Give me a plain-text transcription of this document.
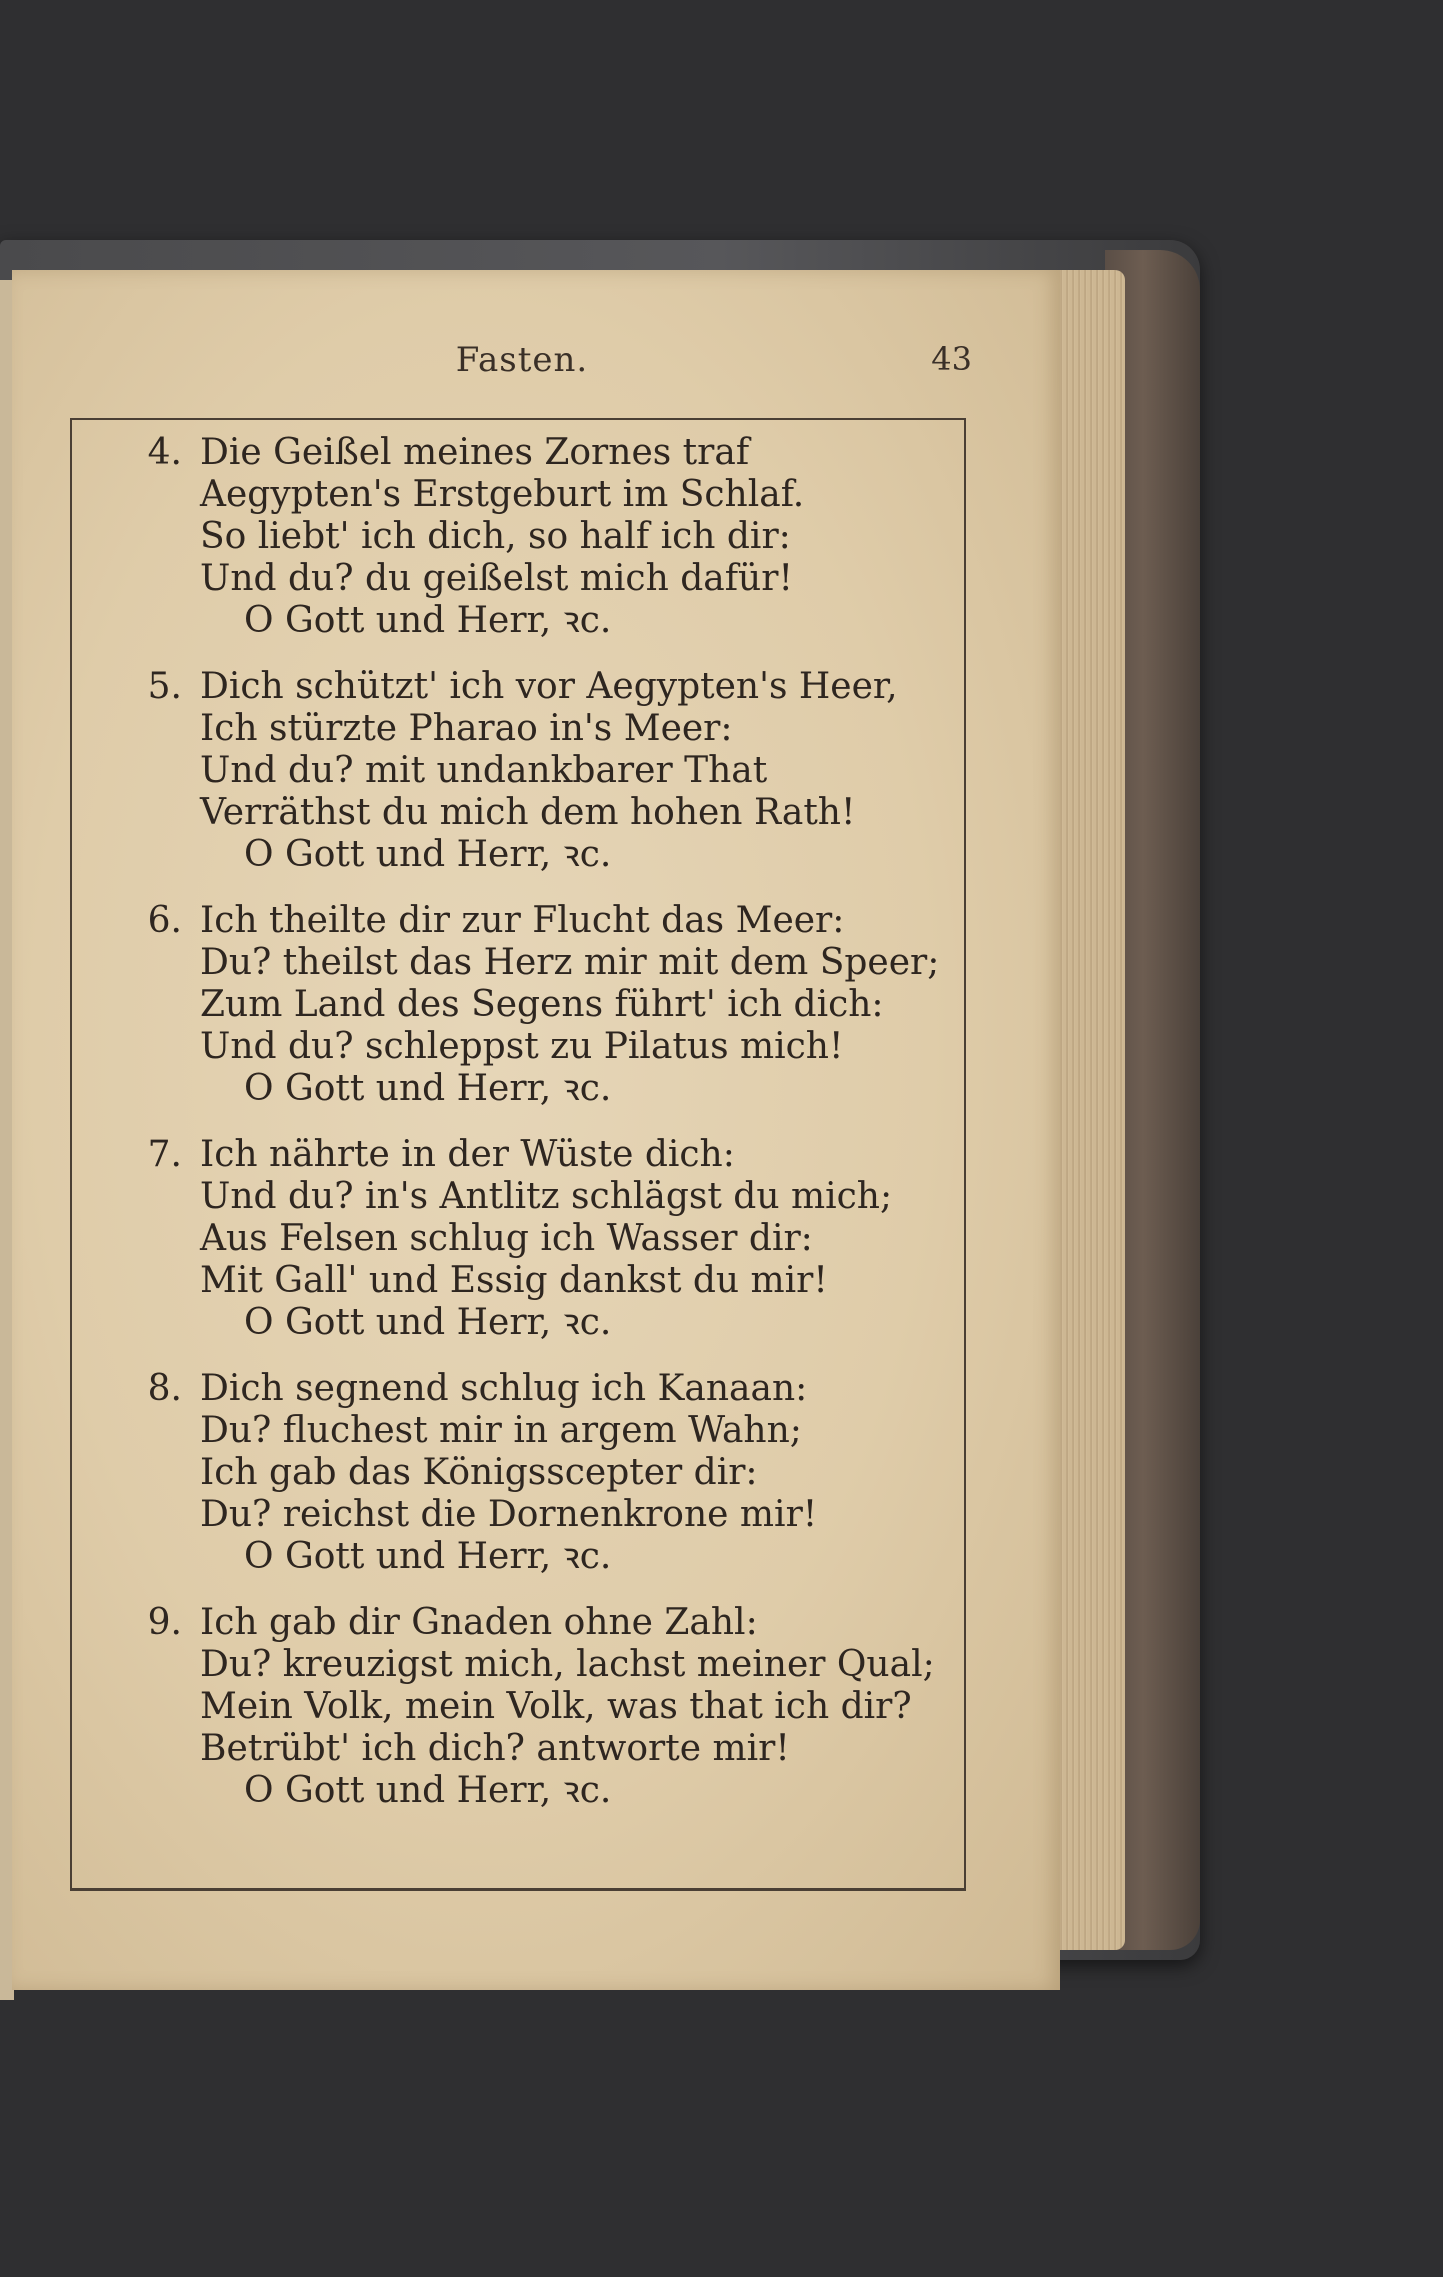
Fasten.	43
4. Die Geißel meines Zornes traf
Aegypten's Erstgeburt im Schlaf.
So liebt' ich dich, so half ich dir:
Und du? du geißelst mich dafür!
O Gott und Herr, ꝛc.
5. Dich schützt' ich vor Aegypten's Heer,
Ich stürzte Pharao in's Meer:
Und du? mit undankbarer That
Verräthst du mich dem hohen Rath!
O Gott und Herr, ꝛc.
6. Ich theilte dir zur Flucht das Meer:
Du? theilst das Herz mir mit dem Speer;
Zum Land des Segens führt' ich dich:
Und du? schleppst zu Pilatus mich!
O Gott und Herr, ꝛc.
7. Ich nährte in der Wüste dich:
Und du? in's Antlitz schlägst du mich;
Aus Felsen schlug ich Wasser dir:
Mit Gall' und Essig dankst du mir!
O Gott und Herr, ꝛc.
8. Dich segnend schlug ich Kanaan:
Du? fluchest mir in argem Wahn;
Ich gab das Königsscepter dir:
Du? reichst die Dornenkrone mir!
O Gott und Herr, ꝛc.
9. Ich gab dir Gnaden ohne Zahl:
Du? kreuzigst mich, lachst meiner Qual;
Mein Volk, mein Volk, was that ich dir?
Betrübt' ich dich? antworte mir!
O Gott und Herr, ꝛc.
